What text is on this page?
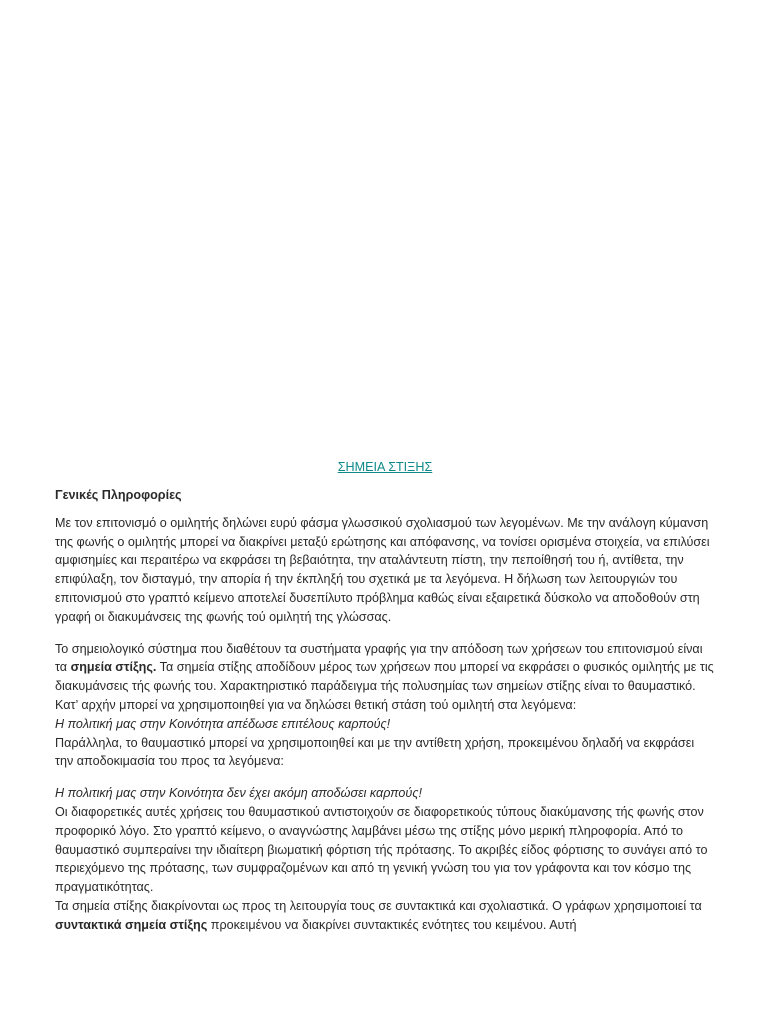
ΣΗΜΕΙΑ ΣΤΙΞΗΣ
Γενικές Πληροφορίες

Με τον επιτονισμό ο ομιλητής δηλώνει ευρύ φάσμα γλωσσικού σχολιασμού των λεγομένων. Με την ανάλογη κύμανση της φωνής ο ομιλητής μπορεί να διακρίνει μεταξύ ερώτησης και απόφανσης, να τονίσει ορισμένα στοιχεία, να επιλύσει αμφισημίες και περαιτέρω να εκφράσει τη βεβαιότητα, την αταλάντευτη πίστη, την πεποίθησή του ή, αντίθετα, την επιφύλαξη, τον δισταγμό, την απορία ή την έκπληξή του σχετικά με τα λεγόμενα. Η δήλωση των λειτουργιών του επιτονισμού στο γραπτό κείμενο αποτελεί δυσεπίλυτο πρόβλημα καθώς είναι εξαιρετικά δύσκολο να αποδοθούν στη γραφή οι διακυμάνσεις της φωνής τού ομιλητή της γλώσσας.

Το σημειολογικό σύστημα που διαθέτουν τα συστήματα γραφής για την απόδοση των χρήσεων του επιτονισμού είναι τα σημεία στίξης. Τα σημεία στίξης αποδίδουν μέρος των χρήσεων που μπορεί να εκφράσει ο φυσικός ομιλητής με τις διακυμάνσεις τής φωνής του. Χαρακτηριστικό παράδειγμα τής πολυσημίας των σημείων στίξης είναι το θαυμαστικό. Κατ’ αρχήν μπορεί να χρησιμοποιηθεί για να δηλώσει θετική στάση τού ομιλητή στα λεγόμενα:

Η πολιτική μας στην Κοινότητα απέδωσε επιτέλους καρπούς!

Παράλληλα, το θαυμαστικό μπορεί να χρησιμοποιηθεί και με την αντίθετη χρήση, προκειμένου δηλαδή να εκφράσει την αποδοκιμασία του προς τα λεγόμενα:

Η πολιτική μας στην Κοινότητα δεν έχει ακόμη αποδώσει καρπούς!

Οι διαφορετικές αυτές χρήσεις του θαυμαστικού αντιστοιχούν σε διαφορετικούς τύπους διακύμανσης τής φωνής στον προφορικό λόγο. Στο γραπτό κείμενο, ο αναγνώστης λαμβάνει μέσω της στίξης μόνο μερική πληροφορία. Από το θαυμαστικό συμπεραίνει την ιδιαίτερη βιωματική φόρτιση τής πρότασης. Το ακριβές είδος φόρτισης το συνάγει από το περιεχόμενο της πρότασης, των συμφραζομένων και από τη γενική γνώση του για τον γράφοντα και τον κόσμο της πραγματικότητας.

Τα σημεία στίξης διακρίνονται ως προς τη λειτουργία τους σε συντακτικά και σχολιαστικά. Ο γράφων χρησιμοποιεί τα συντακτικά σημεία στίξης προκειμένου να διακρίνει συντακτικές ενότητες του κειμένου. Αυτή
